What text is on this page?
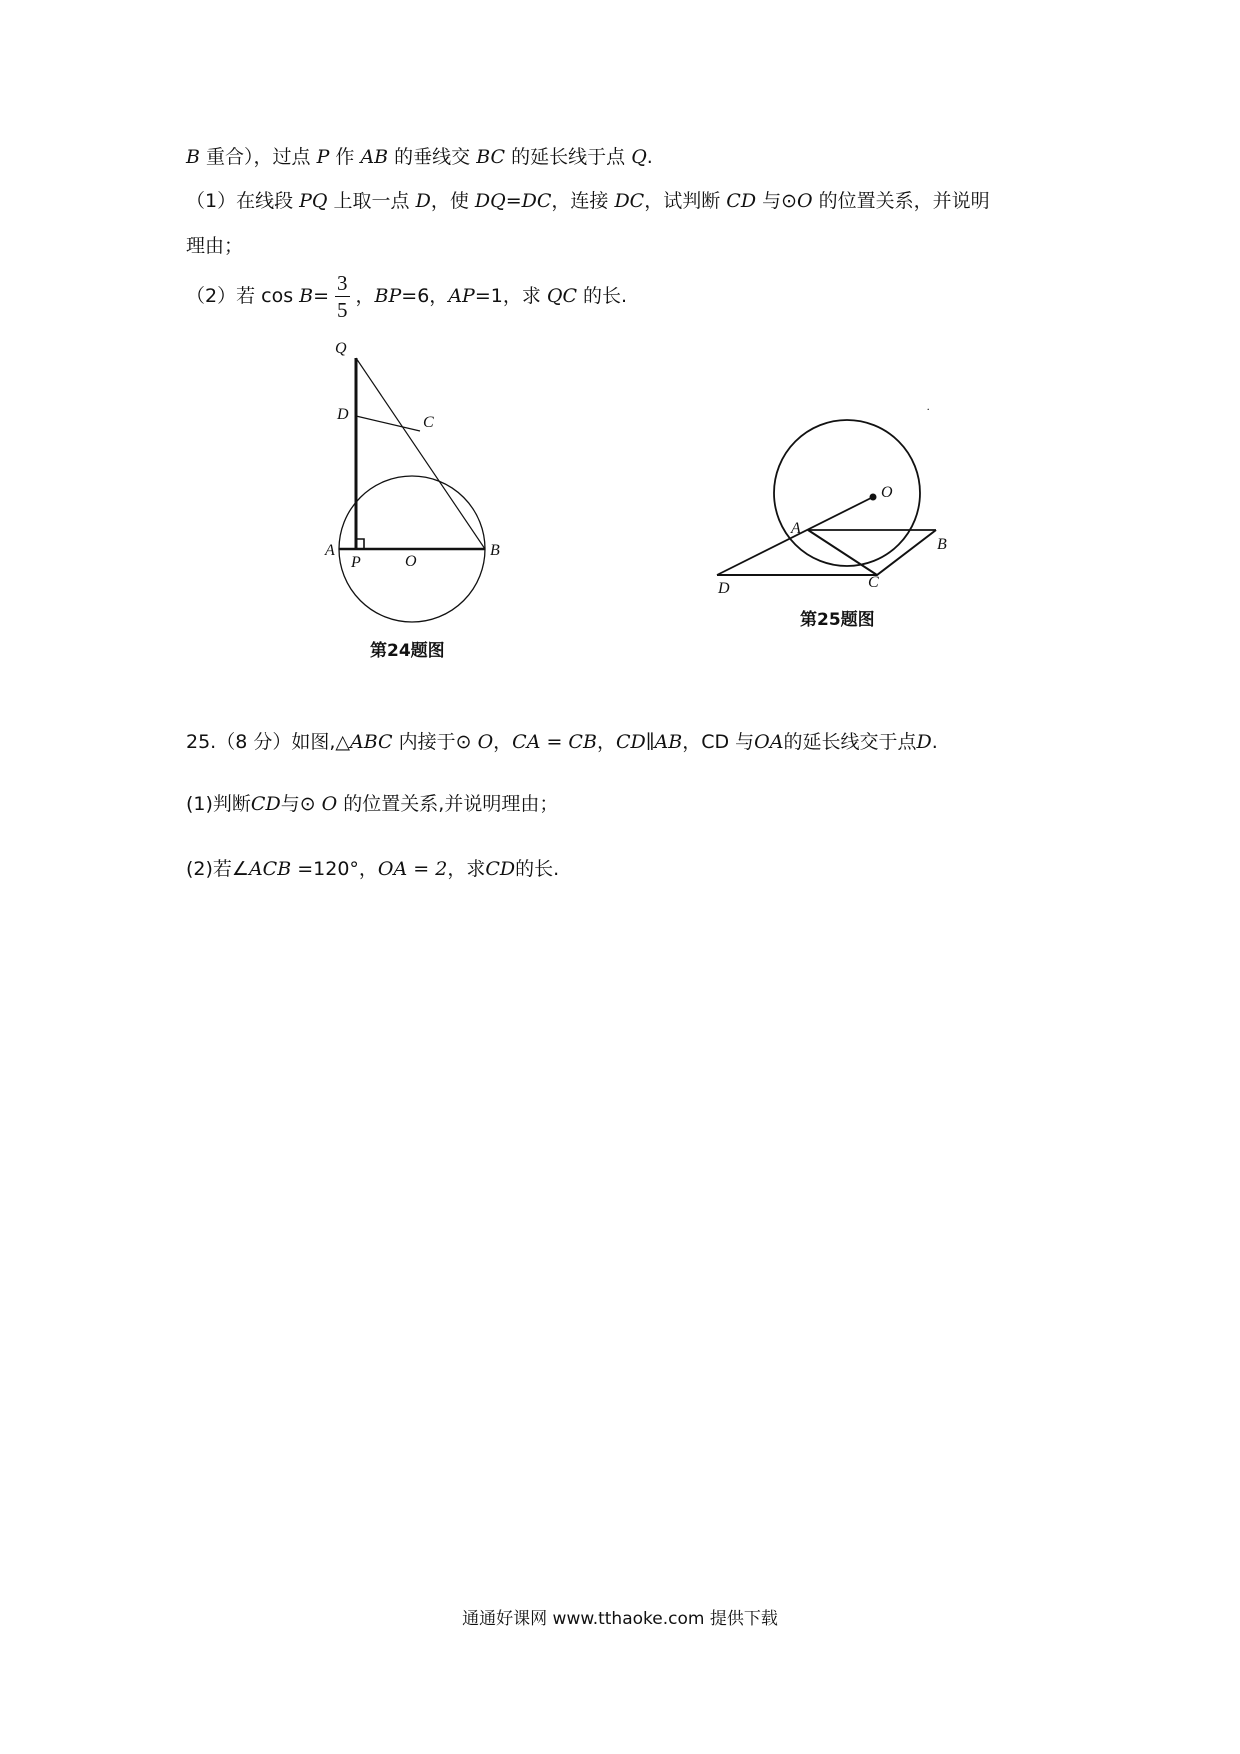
B 重合），过点 P 作 AB 的垂线交 BC 的延长线于点 Q.
（1）在线段 PQ 上取一点 D，使 DQ=DC，连接 DC，试判断 CD 与⊙O 的位置关系，并说明
理由；
（2）若 $\cos B= \frac{3}{5}$ ，BP=6，AP=1，求 QC 的长.
Q
D	C
A
P	O
B
第24题图
O
A
B
C
D
.
第25题图
25.（8 分）如图,△ABC 内接于⊙ O，CA = CB，CD∥AB，CD 与OA的延长线交于点D.
(1)判断CD与⊙ O 的位置关系,并说明理由；
(2)若∠ACB =120°，OA = 2，求CD的长.
通通好课网 www.tthaoke.com 提供下载
